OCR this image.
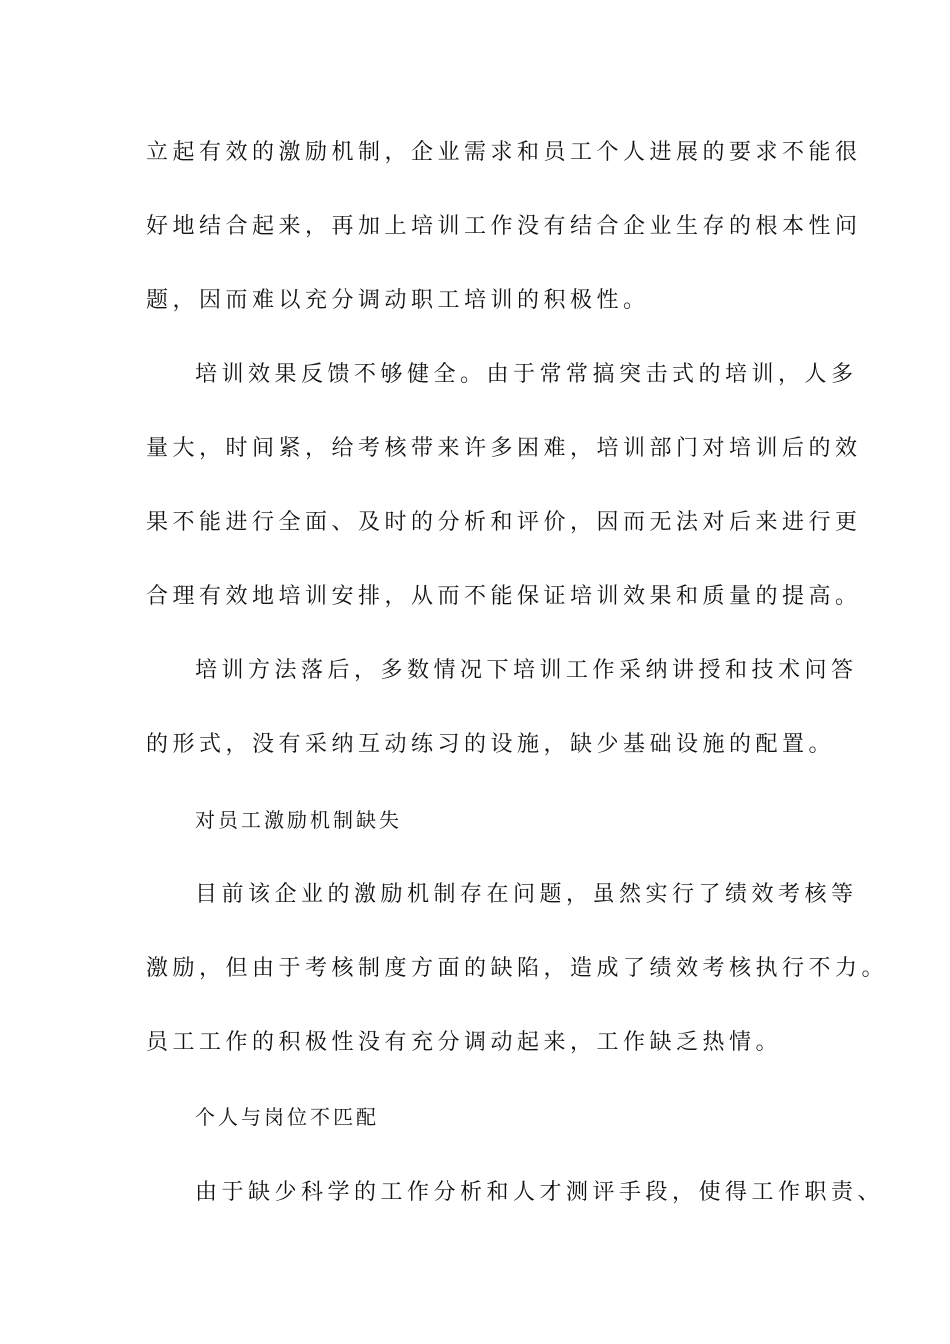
立起有效的激励机制，企业需求和员工个人进展的要求不能很
好地结合起来，再加上培训工作没有结合企业生存的根本性问
题，因而难以充分调动职工培训的积极性。
培训效果反馈不够健全。由于常常搞突击式的培训，人多
量大，时间紧，给考核带来许多困难，培训部门对培训后的效
果不能进行全面、及时的分析和评价，因而无法对后来进行更
合理有效地培训安排，从而不能保证培训效果和质量的提高。
培训方法落后，多数情况下培训工作采纳讲授和技术问答
的形式，没有采纳互动练习的设施，缺少基础设施的配置。
对员工激励机制缺失
目前该企业的激励机制存在问题，虽然实行了绩效考核等
激励，但由于考核制度方面的缺陷，造成了绩效考核执行不力。
员工工作的积极性没有充分调动起来，工作缺乏热情。
个人与岗位不匹配
由于缺少科学的工作分析和人才测评手段，使得工作职责、
